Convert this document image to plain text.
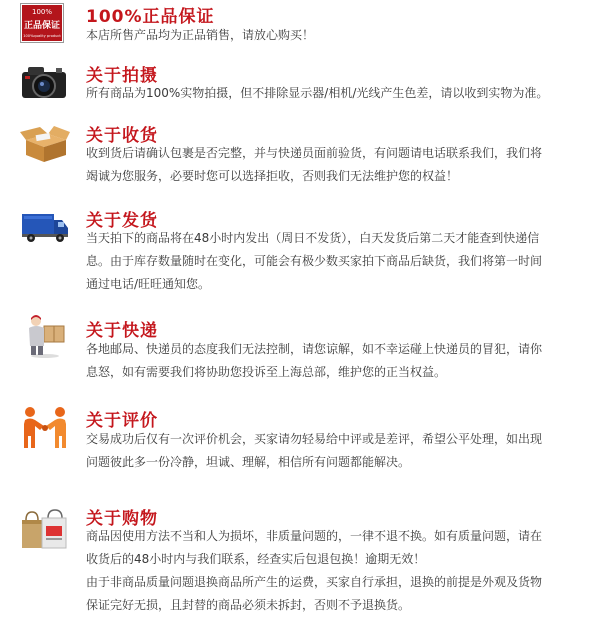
100%
正品保证
100%quality product
100%正品保证
本店所售产品均为正品销售，请放心购买！
关于拍摄
所有商品为100%实物拍摄，但不排除显示器/相机/光线产生色差，请以收到实物为准。
关于收货
收到货后请确认包裹是否完整，并与快递员面前验货，有问题请电话联系我们，我们将
竭诚为您服务，必要时您可以选择拒收，否则我们无法维护您的权益！
关于发货
当天拍下的商品将在48小时内发出（周日不发货），白天发货后第二天才能查到快递信
息。由于库存数量随时在变化，可能会有极少数买家拍下商品后缺货，我们将第一时间
通过电话/旺旺通知您。
关于快递
各地邮局、快递员的态度我们无法控制，请您谅解，如不幸运碰上快递员的冒犯，请你
息怒，如有需要我们将协助您投诉至上海总部，维护您的正当权益。
关于评价
交易成功后仅有一次评价机会，买家请勿轻易给中评或是差评，希望公平处理，如出现
问题彼此多一份冷静，坦诚、理解，相信所有问题都能解决。
关于购物
商品因使用方法不当和人为损坏，非质量问题的，一律不退不换。如有质量问题，请在
收货后的48小时内与我们联系，经查实后包退包换！逾期无效！
由于非商品质量问题退换商品所产生的运费，买家自行承担，退换的前提是外观及货物
保证完好无损，且封替的商品必须未拆封，否则不予退换货。
